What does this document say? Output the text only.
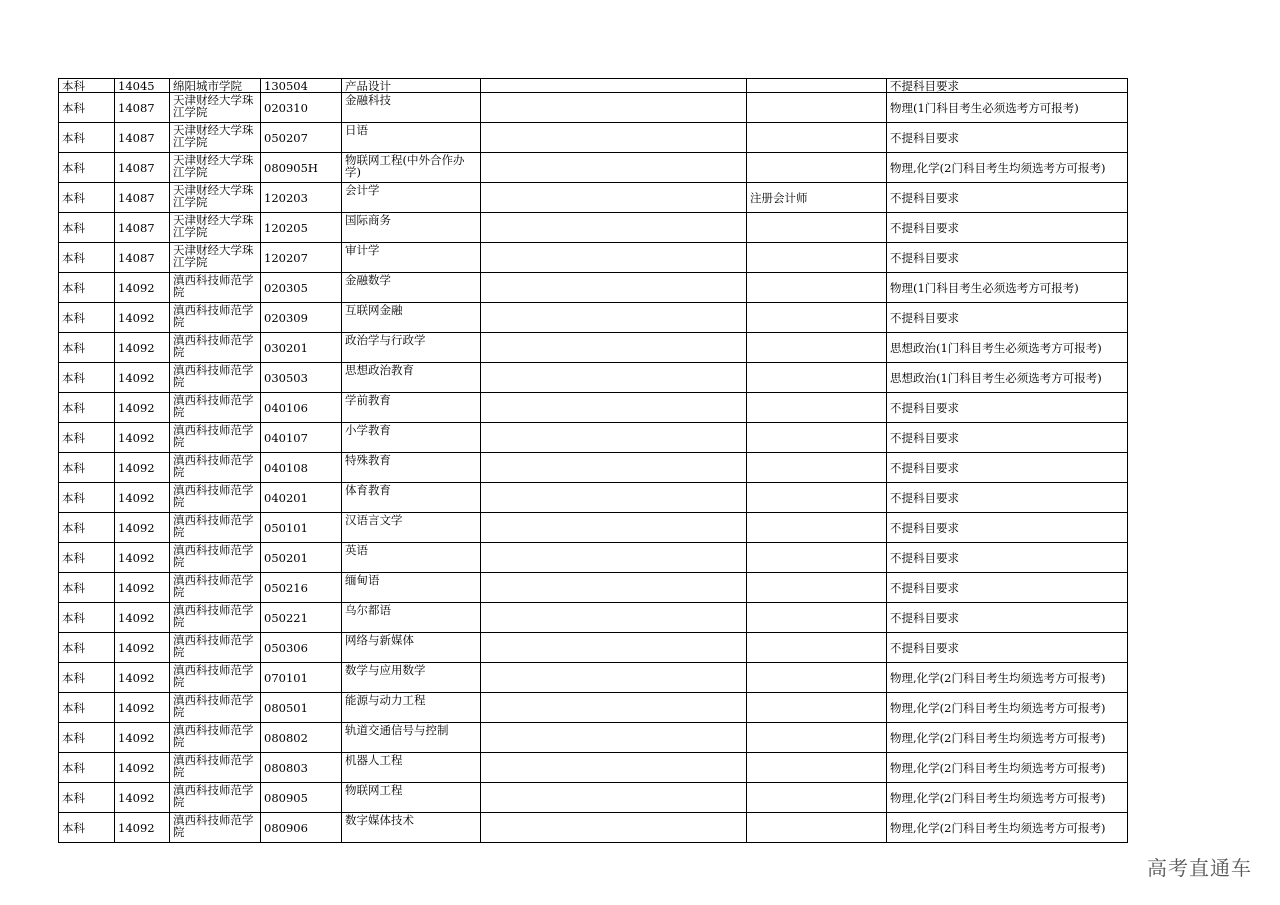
本科	14045	绵阳城市学院	130504	产品设计			不提科目要求
本科	14087	天津财经大学珠江学院	020310	金融科技			物理(1门科目考生必须选考方可报考)
本科	14087	天津财经大学珠江学院	050207	日语			不提科目要求
本科	14087	天津财经大学珠江学院	080905H	物联网工程(中外合作办学)			物理,化学(2门科目考生均须选考方可报考)
本科	14087	天津财经大学珠江学院	120203	会计学		注册会计师	不提科目要求
本科	14087	天津财经大学珠江学院	120205	国际商务			不提科目要求
本科	14087	天津财经大学珠江学院	120207	审计学			不提科目要求
本科	14092	滇西科技师范学院	020305	金融数学			物理(1门科目考生必须选考方可报考)
本科	14092	滇西科技师范学院	020309	互联网金融			不提科目要求
本科	14092	滇西科技师范学院	030201	政治学与行政学			思想政治(1门科目考生必须选考方可报考)
本科	14092	滇西科技师范学院	030503	思想政治教育			思想政治(1门科目考生必须选考方可报考)
本科	14092	滇西科技师范学院	040106	学前教育			不提科目要求
本科	14092	滇西科技师范学院	040107	小学教育			不提科目要求
本科	14092	滇西科技师范学院	040108	特殊教育			不提科目要求
本科	14092	滇西科技师范学院	040201	体育教育			不提科目要求
本科	14092	滇西科技师范学院	050101	汉语言文学			不提科目要求
本科	14092	滇西科技师范学院	050201	英语			不提科目要求
本科	14092	滇西科技师范学院	050216	缅甸语			不提科目要求
本科	14092	滇西科技师范学院	050221	乌尔都语			不提科目要求
本科	14092	滇西科技师范学院	050306	网络与新媒体			不提科目要求
本科	14092	滇西科技师范学院	070101	数学与应用数学			物理,化学(2门科目考生均须选考方可报考)
本科	14092	滇西科技师范学院	080501	能源与动力工程			物理,化学(2门科目考生均须选考方可报考)
本科	14092	滇西科技师范学院	080802	轨道交通信号与控制			物理,化学(2门科目考生均须选考方可报考)
本科	14092	滇西科技师范学院	080803	机器人工程			物理,化学(2门科目考生均须选考方可报考)
本科	14092	滇西科技师范学院	080905	物联网工程			物理,化学(2门科目考生均须选考方可报考)
本科	14092	滇西科技师范学院	080906	数字媒体技术			物理,化学(2门科目考生均须选考方可报考)
高考直通车
